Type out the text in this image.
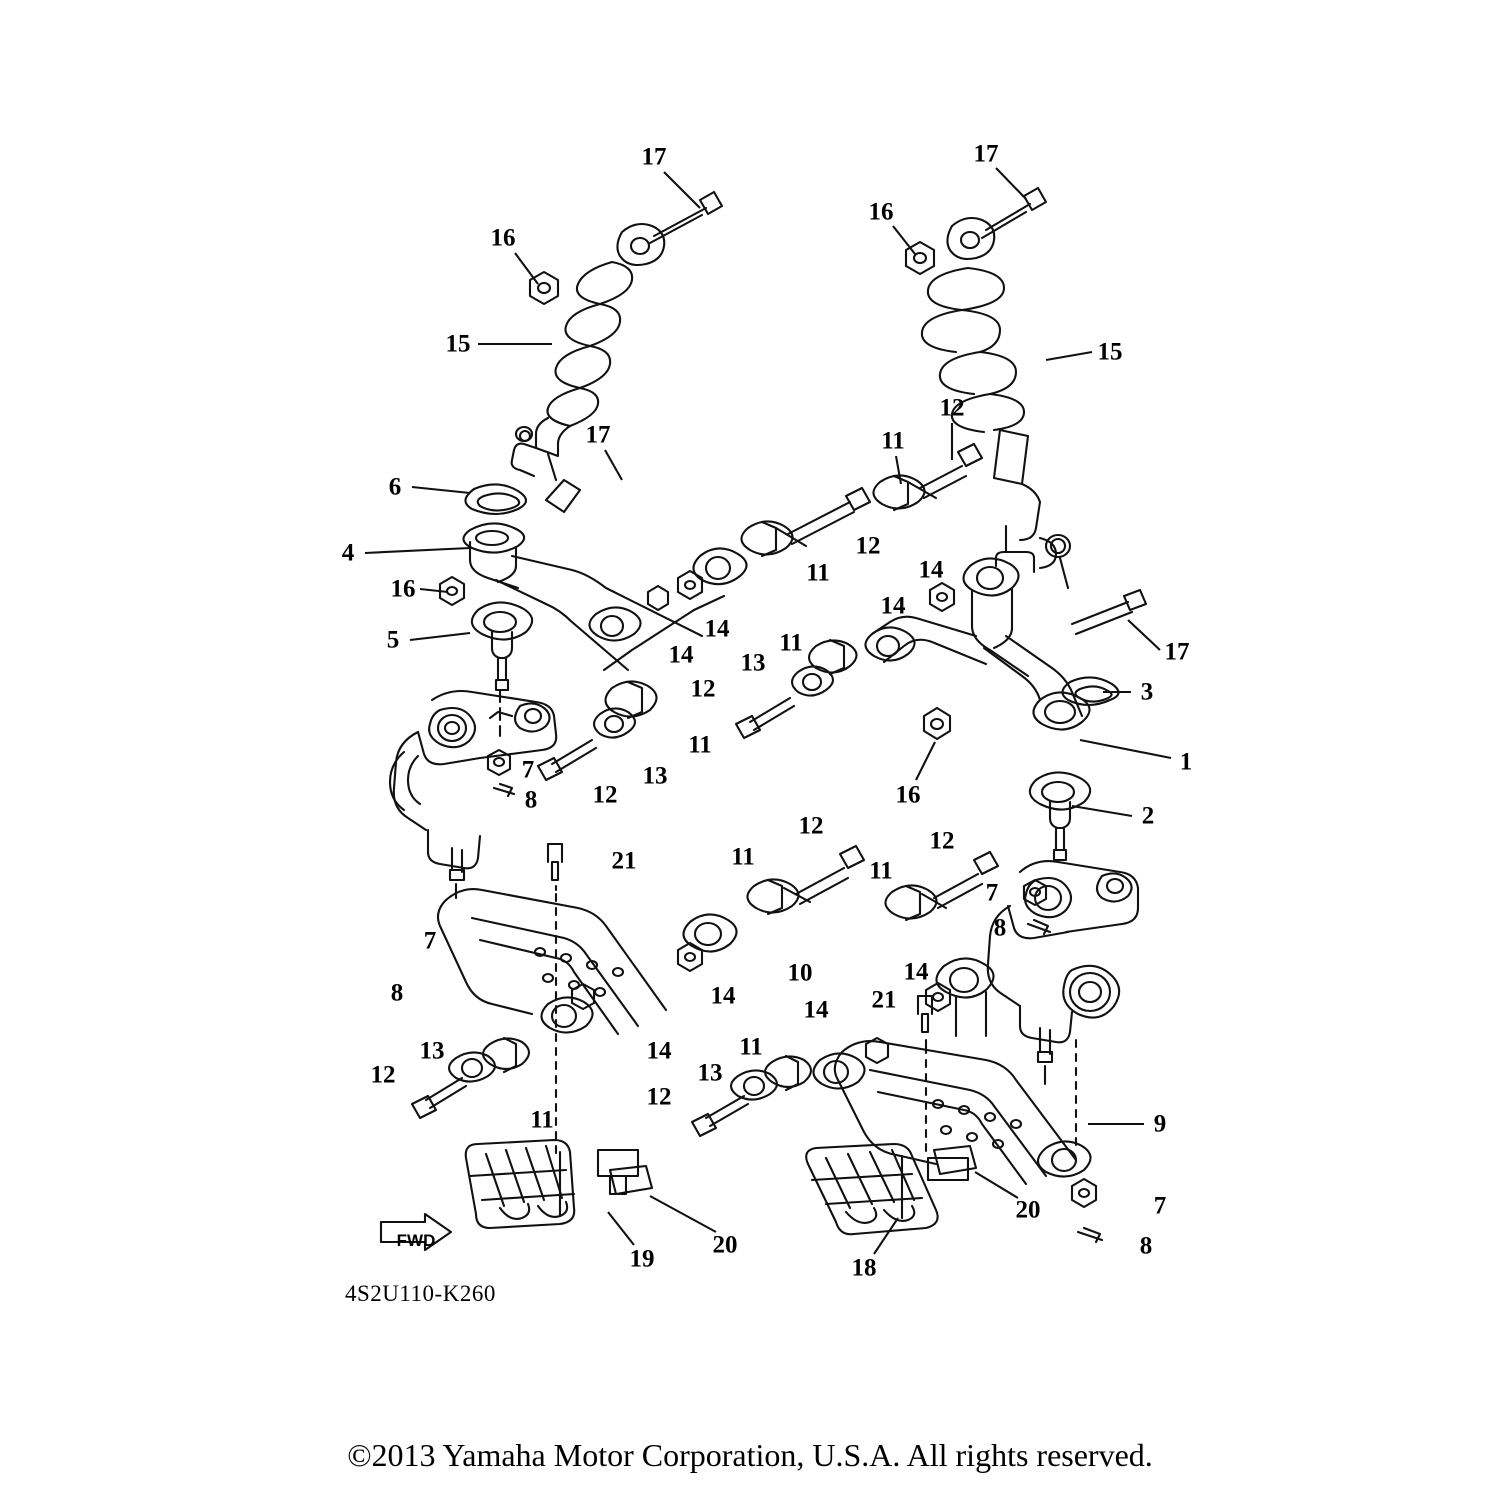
17	17
16
16
15	15
12
11
6
17
4	12
11	14
14
16
5	14
14	17
11
13
3
12
11
1
16
7	13
12
8
2
12
21	11
11
12
7
8
7
10
14
14
8
14 21
13	14
12
11
13
12
11	9
20	7
20	8
19	18
FWD
4S2U110-K260
©2013 Yamaha Motor Corporation, U.S.A. All rights reserved.
